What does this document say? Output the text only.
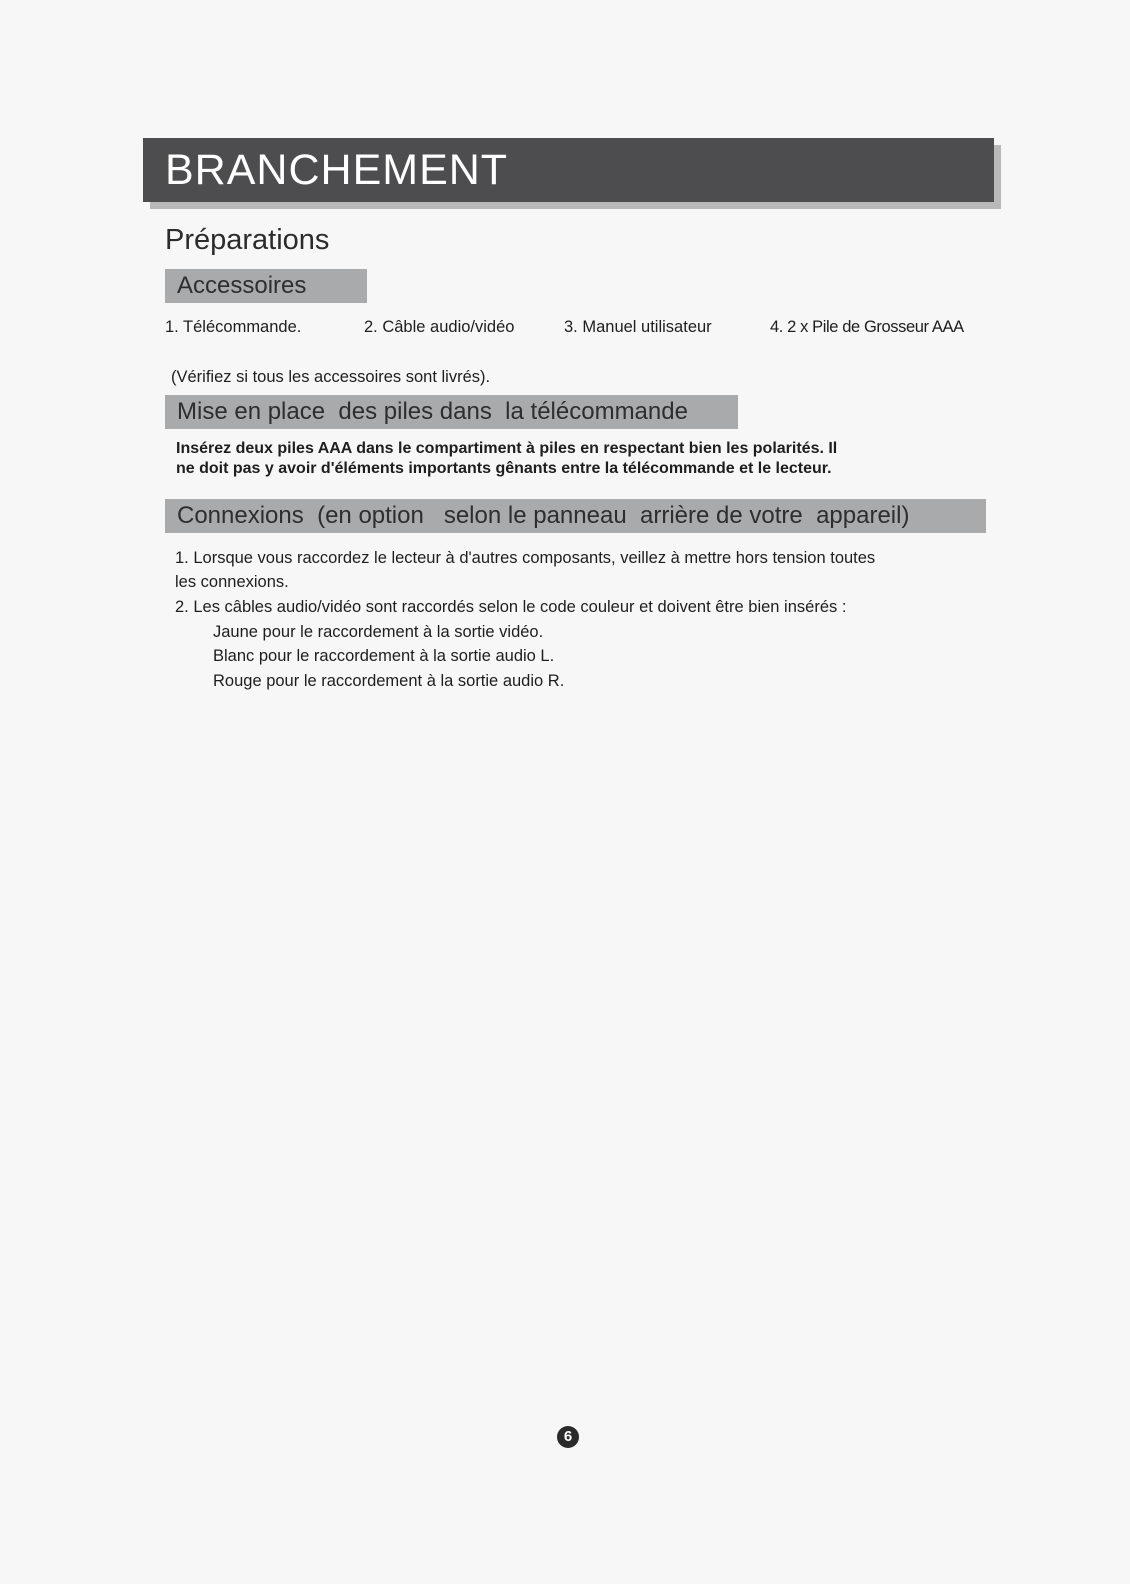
BRANCHEMENT
Préparations
Accessoires
1. Télécommande.	2. Câble audio/vidéo	3. Manuel utilisateur	4. 2 x Pile de Grosseur AAA
(Vérifiez si tous les accessoires sont livrés).
Mise en place  des piles dans  la télécommande
Insérez deux piles AAA dans le compartiment à piles en respectant bien les polarités. Il
ne doit pas y avoir d'éléments importants gênants entre la télécommande et le lecteur.
Connexions  (en option   selon le panneau  arrière de votre  appareil)
1. Lorsque vous raccordez le lecteur à d'autres composants, veillez à mettre hors tension toutes
les connexions.
2. Les câbles audio/vidéo sont raccordés selon le code couleur et doivent être bien insérés :
Jaune pour le raccordement à la sortie vidéo.
Blanc pour le raccordement à la sortie audio L.
Rouge pour le raccordement à la sortie audio R.
6
